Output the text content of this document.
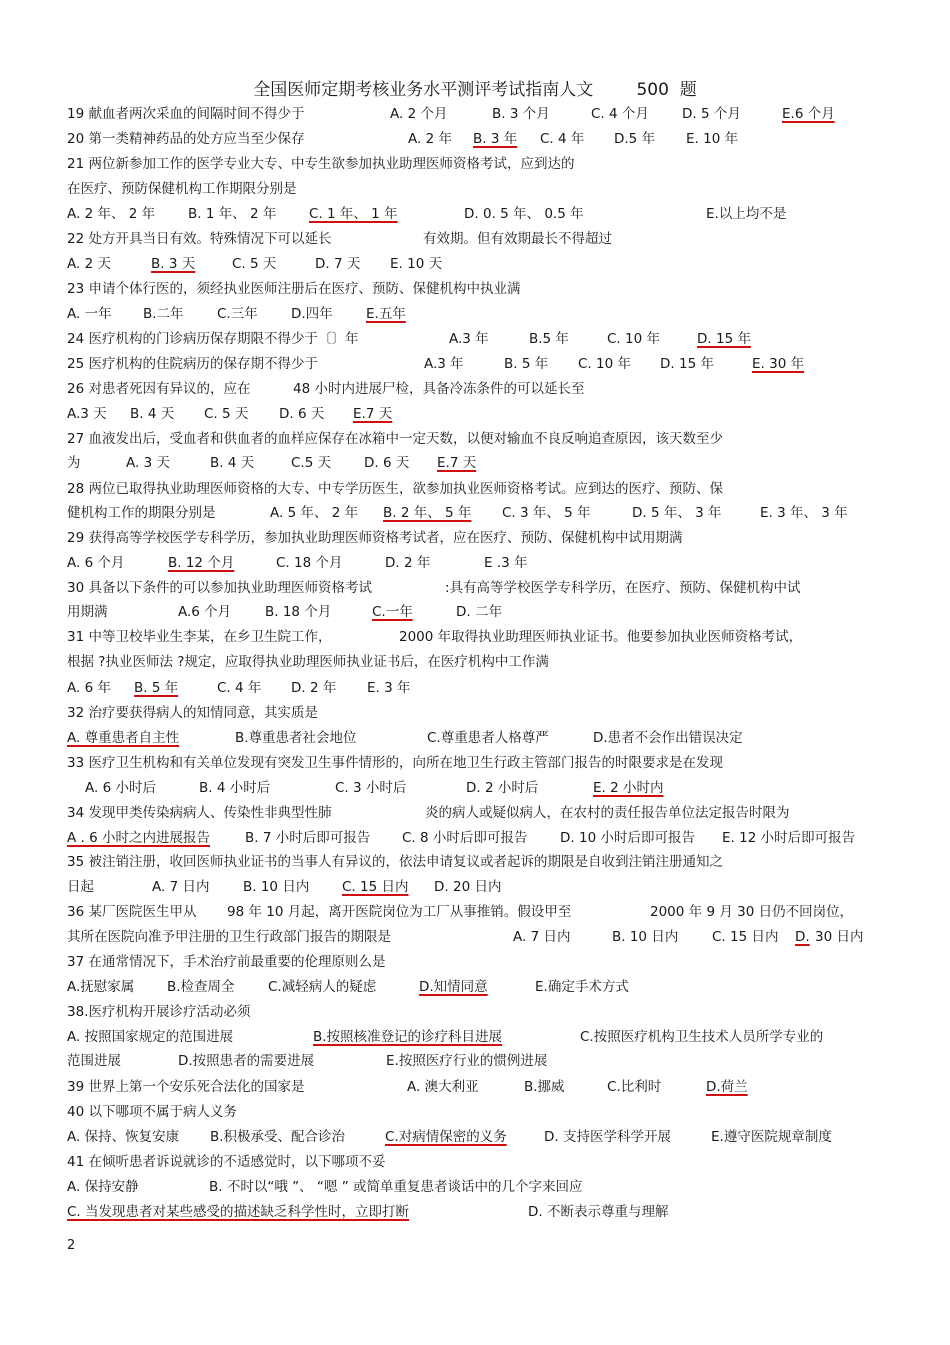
全国医师定期考核业务水平测评考试指南人文        500  题
19 献血者两次采血的间隔时间不得少于	A. 2 个月	B. 3 个月	C. 4 个月 D. 5 个月	E.6 个月
20 第一类精神药品的处方应当至少保存	A. 2 年 B. 3 年 C. 4 年 D.5 年 E. 10 年
21 两位新参加工作的医学专业大专、中专生欲参加执业助理医师资格考试，应到达的
在医疗、预防保健机构工作期限分别是
A. 2 年、 2 年 B. 1 年、 2 年 C. 1 年、 1 年	D. 0. 5 年、 0.5 年	E.以上均不是
22 处方开具当日有效。特殊情况下可以延长	有效期。但有效期最长不得超过
A. 2 天	B. 3 天	C. 5 天	D. 7 天 E. 10 天
23 申请个体行医的，须经执业医师注册后在医疗、预防、保健机构中执业满
A. 一年 B.二年 C.三年 D.四年 E.五年
24 医疗机构的门诊病历保存期限不得少于〔〕年	A.3 年	B.5 年	C. 10 年	D. 15 年
25 医疗机构的住院病历的保存期不得少于	A.3 年	B. 5 年 C. 10 年 D. 15 年	E. 30 年
26 对患者死因有异议的，应在	48 小时内进展尸检，具备冷冻条件的可以延长至
A.3 天 B. 4 天 C. 5 天 D. 6 天 E.7 天
27 血液发出后，受血者和供血者的血样应保存在冰箱中一定天数，以便对输血不良反响追查原因，该天数至少
为	A. 3 天	B. 4 天	C.5 天 D. 6 天 E.7 天
28 两位已取得执业助理医师资格的大专、中专学历医生，欲参加执业医师资格考试。应到达的医疗、预防、保
健机构工作的期限分别是	A. 5 年、 2 年 B. 2 年、 5 年 C. 3 年、 5 年	D. 5 年、 3 年	E. 3 年、 3 年
29 获得高等学校医学专科学历，参加执业助理医师资格考试者，应在医疗、预防、保健机构中试用期满
A. 6 个月	B. 12 个月	C. 18 个月	D. 2 年	E .3 年
30 具备以下条件的可以参加执业助理医师资格考试	:具有高等学校医学专科学历，在医疗、预防、保健机构中试
用期满	A.6 个月	B. 18 个月	C.一年	D. 二年
31 中等卫校毕业生李某，在乡卫生院工作，	2000 年取得执业助理医师执业证书。他要参加执业医师资格考试，
根据 ?执业医师法 ?规定，应取得执业助理医师执业证书后，在医疗机构中工作满
A. 6 年 B. 5 年	C. 4 年 D. 2 年 E. 3 年
32 治疗要获得病人的知情同意，其实质是
A. 尊重患者自主性	B.尊重患者社会地位	C.尊重患者人格尊严	D.患者不会作出错误决定
33 医疗卫生机构和有关单位发现有突发卫生事件情形的，向所在地卫生行政主管部门报告的时限要求是在发现
A. 6 小时后	B. 4 小时后	C. 3 小时后	D. 2 小时后	E. 2 小时内
34 发现甲类传染病病人、传染性非典型性肺	炎的病人或疑似病人，在农村的责任报告单位法定报告时限为
A . 6 小时之内进展报告	B. 7 小时后即可报告 C. 8 小时后即可报告 D. 10 小时后即可报告 E. 12 小时后即可报告
35 被注销注册，收回医师执业证书的当事人有异议的，依法申请复议或者起诉的期限是自收到注销注册通知之
日起	A. 7 日内 B. 10 日内 C. 15 日内 D. 20 日内
36 某厂医院医生甲从 98 年 10 月起，离开医院岗位为工厂从事推销。假设甲至	2000 年 9 月 30 日仍不回岗位，
其所在医院向准予甲注册的卫生行政部门报告的期限是	A. 7 日内	B. 10 日内 C. 15 日内 D. 30 日内
37 在通常情况下，手术治疗前最重要的伦理原则么是
A.抚慰家属 B.检查周全 C.减轻病人的疑虑	D.知情同意	E.确定手术方式
38.医疗机构开展诊疗活动必须
A. 按照国家规定的范围进展	B.按照核准登记的诊疗科目进展	C.按照医疗机构卫生技术人员所学专业的
范围进展	D.按照患者的需要进展	E.按照医疗行业的惯例进展
39 世界上第一个安乐死合法化的国家是	A. 澳大利亚	B.挪威	C.比利时	D.荷兰
40 以下哪项不属于病人义务
A. 保持、恢复安康 B.积极承受、配合诊治	C.对病情保密的义务	D. 支持医学科学开展	E.遵守医院规章制度
41 在倾听患者诉说就诊的不适感觉时，以下哪项不妥
A. 保持安静	B. 不时以“哦 ”、 “嗯 ” 或简单重复患者谈话中的几个字来回应
C. 当发现患者对某些感受的描述缺乏科学性时，立即打断	D. 不断表示尊重与理解
2
